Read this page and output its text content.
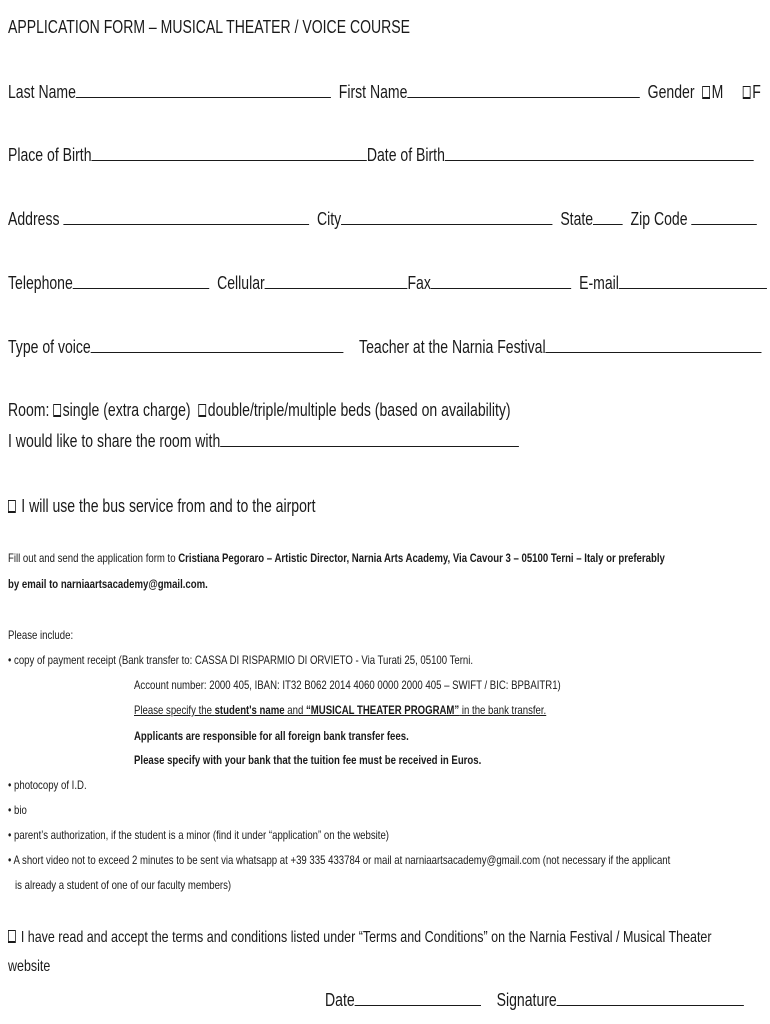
APPLICATION FORM – MUSICAL THEATER / VOICE COURSE
Last Name	First Name	Gender M F
Place of Birth	Date of Birth
Address	City	State Zip Code
Telephone	Cellular	Fax	E-mail
Type of voice	Teacher at the Narnia Festival
Room: single (extra charge) double/triple/multiple beds (based on availability)
I would like to share the room with
I will use the bus service from and to the airport
Fill out and send the application form to Cristiana Pegoraro – Artistic Director, Narnia Arts Academy, Via Cavour 3 – 05100 Terni – Italy or preferably
by email to narniaartsacademy@gmail.com.
Please include:
• copy of payment receipt (Bank transfer to: CASSA DI RISPARMIO DI ORVIETO - Via Turati 25, 05100 Terni.
Account number: 2000 405, IBAN: IT32 B062 2014 4060 0000 2000 405 – SWIFT / BIC: BPBAITR1)
Please specify the student's name and “MUSICAL THEATER PROGRAM” in the bank transfer.
Applicants are responsible for all foreign bank transfer fees.
Please specify with your bank that the tuition fee must be received in Euros.
• photocopy of I.D.
• bio
• parent’s authorization, if the student is a minor (find it under “application” on the website)
• A short video not to exceed 2 minutes to be sent via whatsapp at +39 335 433784 or mail at narniaartsacademy@gmail.com (not necessary if the applicant
is already a student of one of our faculty members)
I have read and accept the terms and conditions listed under “Terms and Conditions” on the Narnia Festival / Musical Theater
website
Date	Signature
